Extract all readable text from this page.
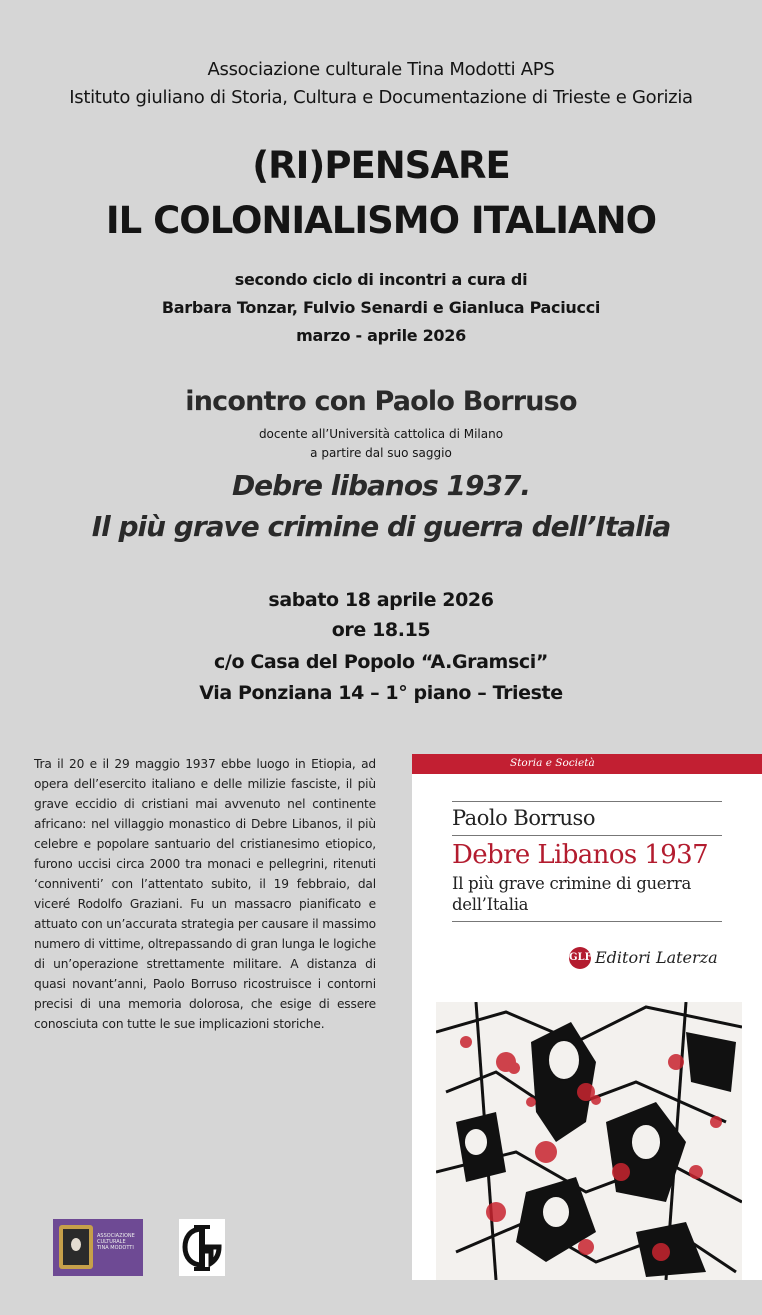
Associazione culturale Tina Modotti APS
Istituto giuliano di Storia, Cultura e Documentazione di Trieste e Gorizia
(RI)PENSARE
IL COLONIALISMO ITALIANO
secondo ciclo di incontri a cura di
Barbara Tonzar, Fulvio Senardi e Gianluca Paciucci
marzo - aprile 2026
incontro con Paolo Borruso
docente all’Università cattolica di Milano
a partire dal suo saggio
Debre libanos 1937.
Il più grave crimine di guerra dell’Italia
sabato 18 aprile 2026
ore 18.15
c/o Casa del Popolo “A.Gramsci”
Via Ponziana 14 – 1° piano – Trieste
Tra il 20 e il 29 maggio 1937 ebbe luogo in Etiopia, ad opera dell’esercito italiano e delle milizie fasciste, il più grave eccidio di cristiani mai avvenuto nel continente africano: nel villaggio monastico di Debre Libanos, il più celebre e popolare santuario del cristianesimo etiopico, furono uccisi circa 2000 tra monaci e pellegrini, ritenuti ‘conniventi’ con l’attentato subito, il 19 febbraio, dal viceré Rodolfo Graziani. Fu un massacro pianificato e attuato con un’accurata strategia per causare il massimo numero di vittime, oltrepassando di gran lunga le logiche di un’operazione strettamente militare. A distanza di quasi novant’anni, Paolo Borruso ricostruisce i contorni precisi di una memoria dolorosa, che esige di essere conosciuta con tutte le sue implicazioni storiche.
Storia e Società
Paolo Borruso
Debre Libanos 1937
Il più grave crimine di guerra
dell’Italia
GLF Editori Laterza
ASSOCIAZIONE
CULTURALE
TINA MODOTTI
